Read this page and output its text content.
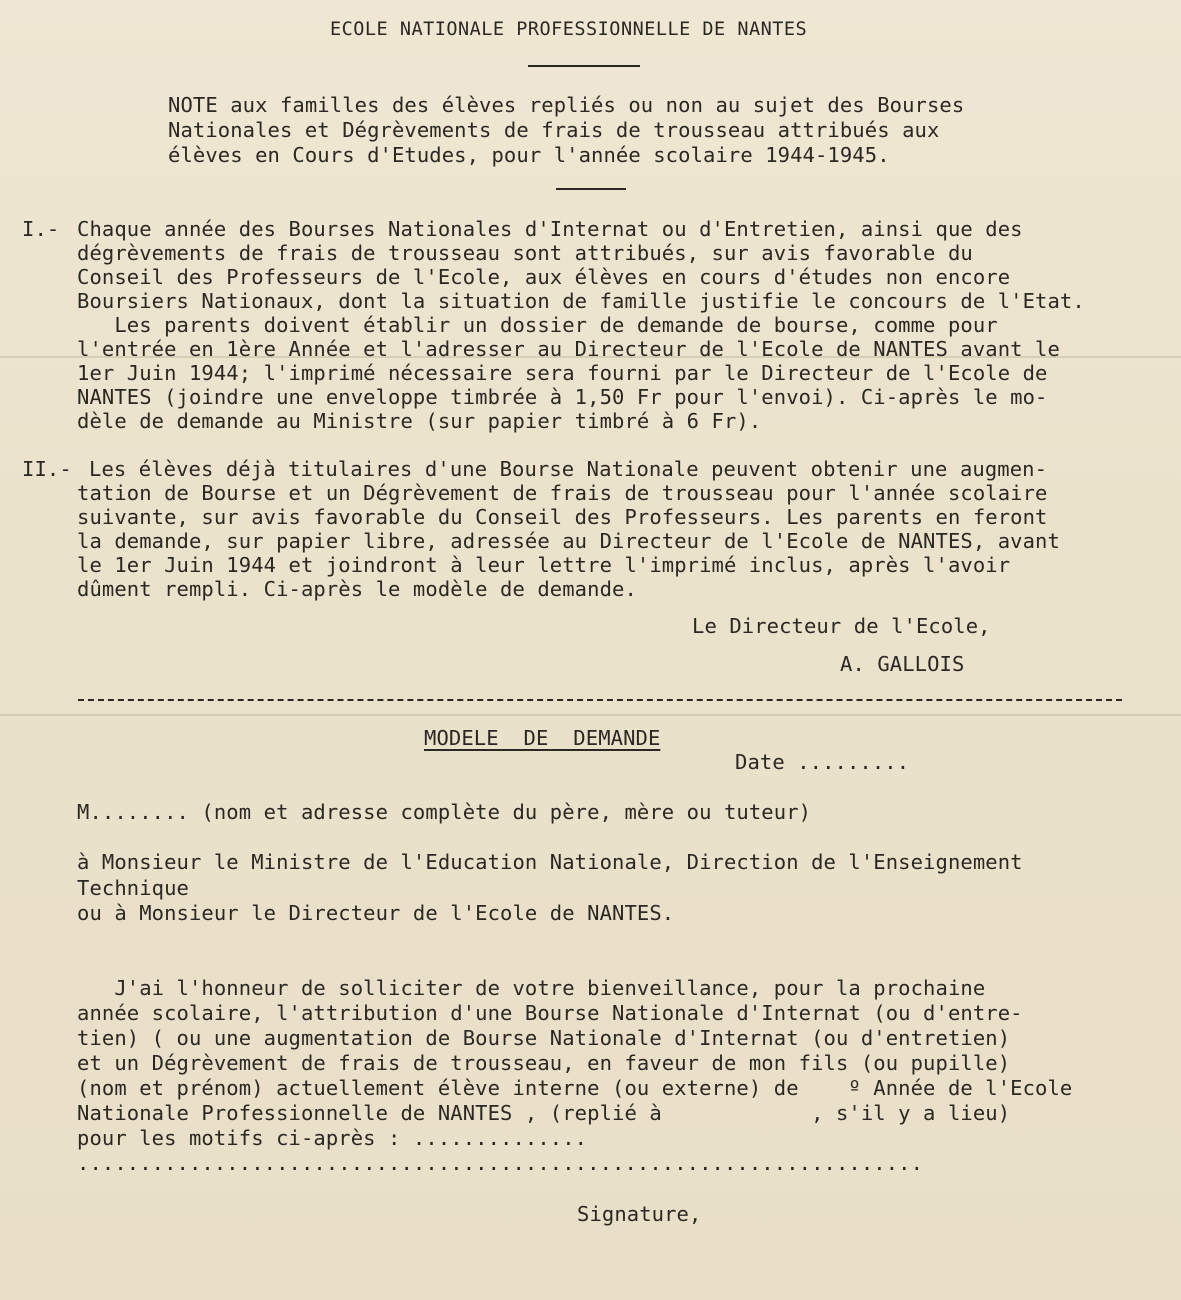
ECOLE NATIONALE PROFESSIONNELLE DE NANTES
NOTE aux familles des élèves repliés ou non au sujet des Bourses
Nationales et Dégrèvements de frais de trousseau attribués aux
élèves en Cours d'Etudes, pour l'année scolaire 1944-1945.
I.- Chaque année des Bourses Nationales d'Internat ou d'Entretien, ainsi que des
dégrèvements de frais de trousseau sont attribués, sur avis favorable du
Conseil des Professeurs de l'Ecole, aux élèves en cours d'études non encore
Boursiers Nationaux, dont la situation de famille justifie le concours de l'Etat.
Les parents doivent établir un dossier de demande de bourse, comme pour
l'entrée en 1ère Année et l'adresser au Directeur de l'Ecole de NANTES avant le
1er Juin 1944; l'imprimé nécessaire sera fourni par le Directeur de l'Ecole de
NANTES (joindre une enveloppe timbrée à 1,50 Fr pour l'envoi). Ci-après le mo-
dèle de demande au Ministre (sur papier timbré à 6 Fr).
II.- Les élèves déjà titulaires d'une Bourse Nationale peuvent obtenir une augmen-
tation de Bourse et un Dégrèvement de frais de trousseau pour l'année scolaire
suivante, sur avis favorable du Conseil des Professeurs. Les parents en feront
la demande, sur papier libre, adressée au Directeur de l'Ecole de NANTES, avant
le 1er Juin 1944 et joindront à leur lettre l'imprimé inclus, après l'avoir
dûment rempli. Ci-après le modèle de demande.
Le Directeur de l'Ecole,
A. GALLOIS
MODELE  DE  DEMANDE
Date .........
M........ (nom et adresse complète du père, mère ou tuteur)
à Monsieur le Ministre de l'Education Nationale, Direction de l'Enseignement
Technique
ou à Monsieur le Directeur de l'Ecole de NANTES.
J'ai l'honneur de solliciter de votre bienveillance, pour la prochaine
année scolaire, l'attribution d'une Bourse Nationale d'Internat (ou d'entre-
tien) ( ou une augmentation de Bourse Nationale d'Internat (ou d'entretien)
et un Dégrèvement de frais de trousseau, en faveur de mon fils (ou pupille)
(nom et prénom) actuellement élève interne (ou externe) de    º Année de l'Ecole
Nationale Professionnelle de NANTES , (replié à            , s'il y a lieu)
pour les motifs ci-après : ..............
....................................................................
Signature,
